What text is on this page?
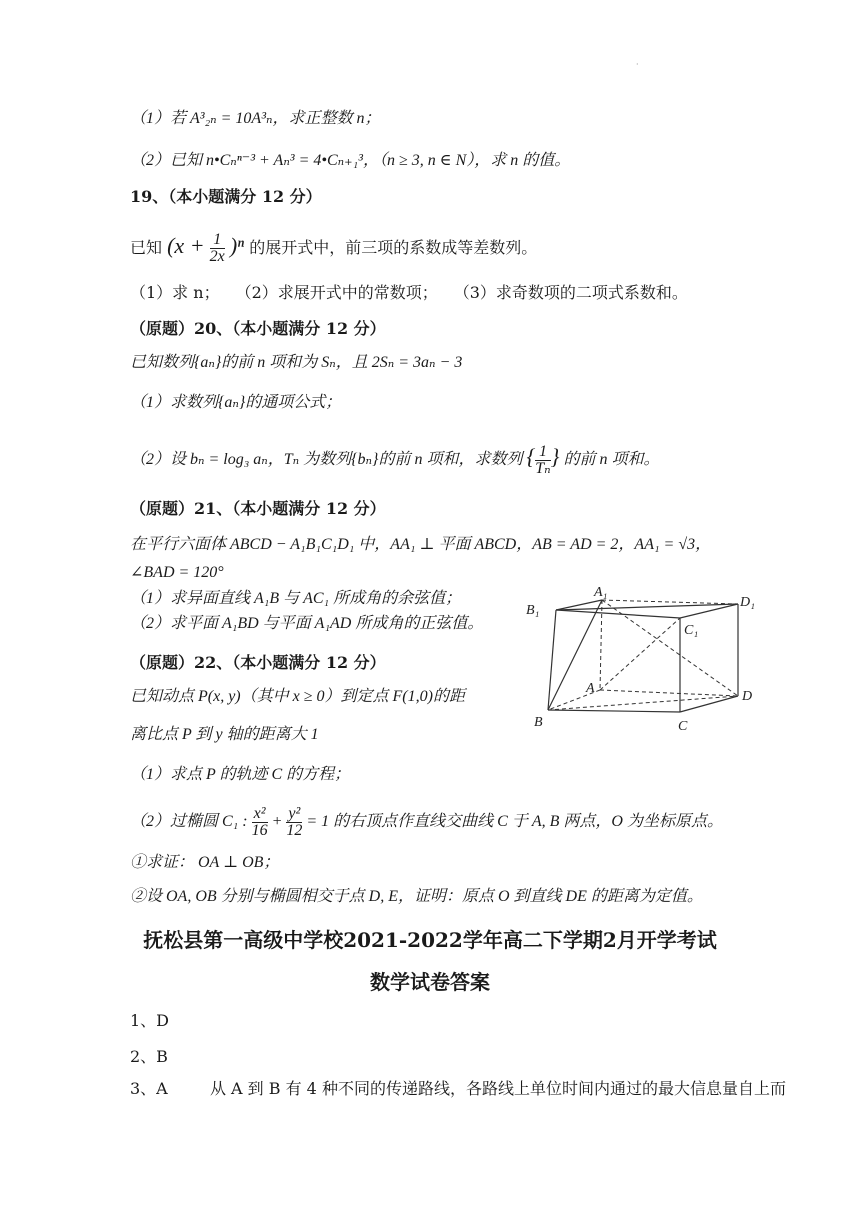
·
（1）若 A³₂ₙ = 10A³ₙ，求正整数 n；
（2）已知 n•Cₙⁿ⁻³ + Aₙ³ = 4•Cₙ₊₁³，（n ≥ 3, n ∈ N），求 n 的值。
19、（本小题满分 12 分）
已知 $(x + \frac{1}{2x} )^n$ 的展开式中，前三项的系数成等差数列。
（1）求 n；　　（2）求展开式中的常数项；　　（3）求奇数项的二项式系数和。
（原题）20、（本小题满分 12 分）
已知数列{aₙ}的前 n 项和为 Sₙ，且 2Sₙ = 3aₙ − 3
（1）求数列{aₙ}的通项公式；
（2）设 bₙ = log₃ aₙ，Tₙ 为数列{bₙ}的前 n 项和，求数列 { $\frac{1}{\text{Tₙ}}$ } 的前 n 项和。
（原题）21、（本小题满分 12 分）
在平行六面体 ABCD − A₁B₁C₁D₁ 中，AA₁ ⊥ 平面 ABCD，AB = AD = 2，AA₁ = √3，
∠BAD = 120°
（1）求异面直线 A₁B 与 AC₁ 所成角的余弦值；
（2）求平面 A₁BD 与平面 A₁AD 所成角的正弦值。
（原题）22、（本小题满分 12 分）
已知动点 P(x, y)（其中 x ≥ 0）到定点 F(1,0)的距
离比点 P 到 y 轴的距离大 1
（1）求点 P 的轨迹 C 的方程；
（2）过椭圆 C₁ : $\frac{\text{x²}}{16} + \frac{\text{y²}}{12} = 1$ 的右顶点作直线交曲线 C 于 A, B 两点，O 为坐标原点。
①求证： OA ⊥ OB；
②设 OA, OB 分别与椭圆相交于点 D, E，证明：原点 O 到直线 DE 的距离为定值。
抚松县第一高级中学校2021-2022学年高二下学期2月开学考试
数学试卷答案
1、D
2、B
3、A	从 A 到 B 有 4 种不同的传递路线，各路线上单位时间内通过的最大信息量自上而
A₁
B₁
C₁
D₁
A
B	C
D
